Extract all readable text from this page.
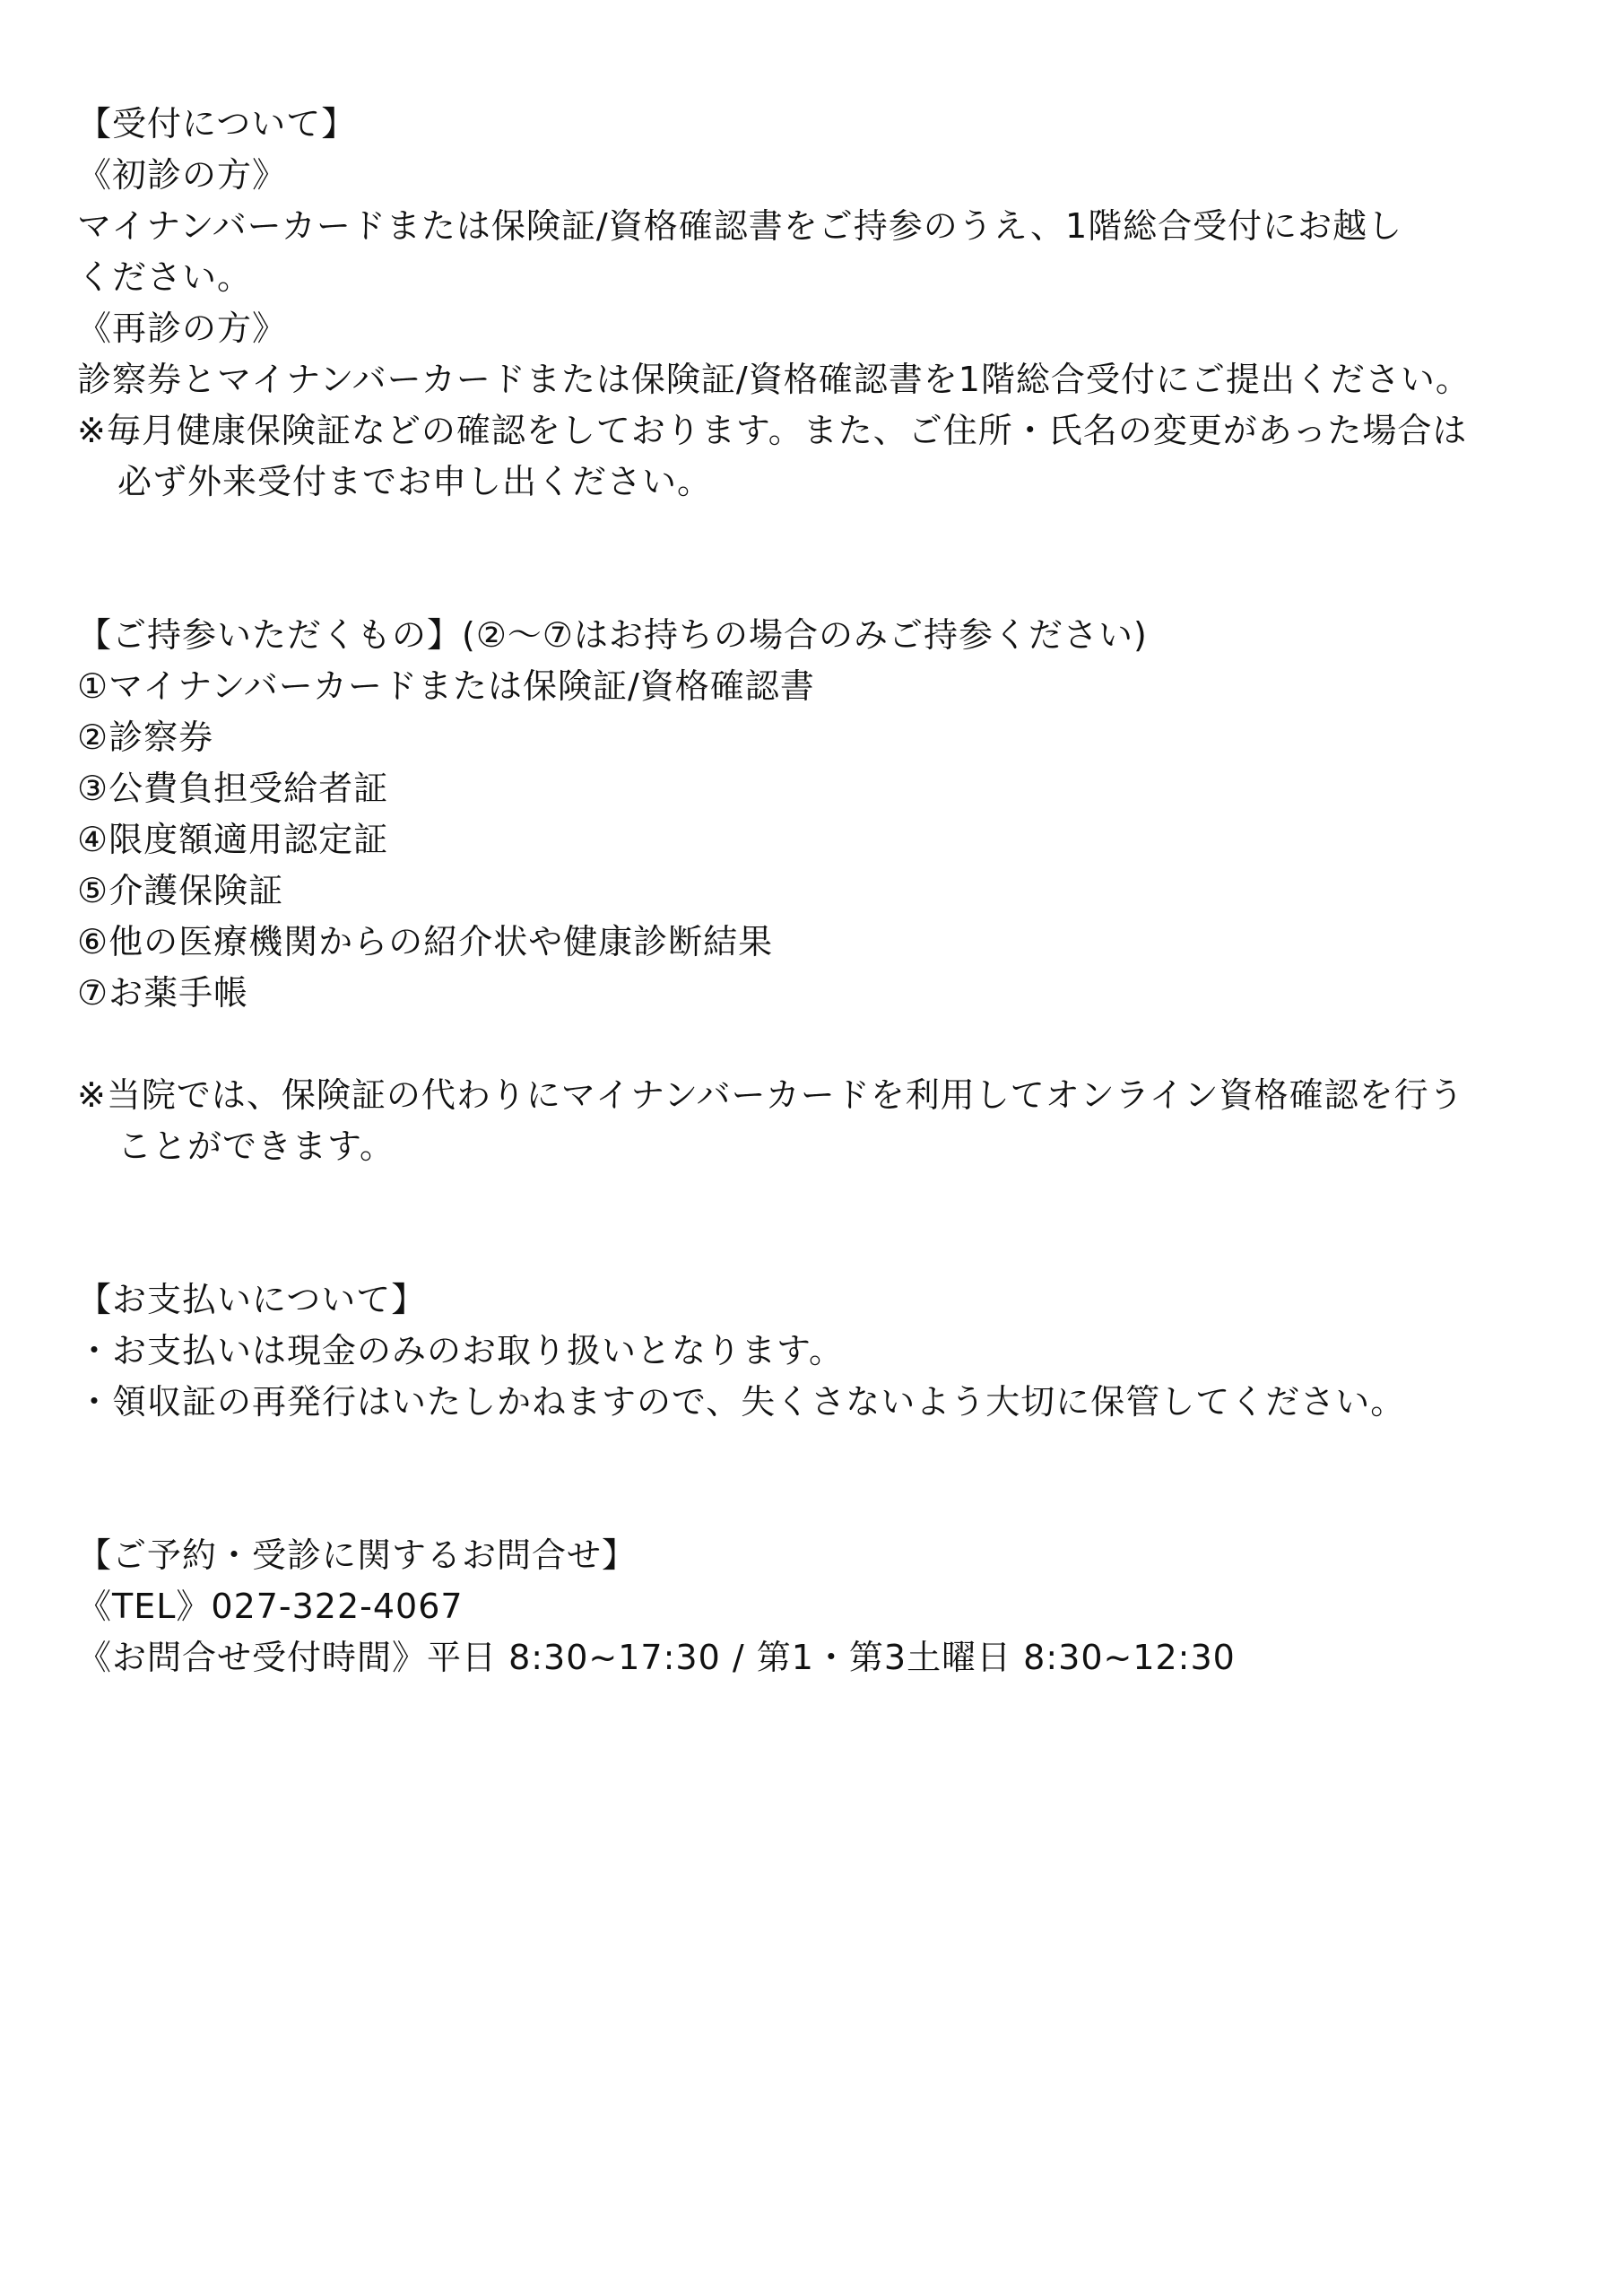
【受付について】
《初診の方》
マイナンバーカードまたは保険証/資格確認書をご持参のうえ、1階総合受付にお越し
ください。
《再診の方》
診察券とマイナンバーカードまたは保険証/資格確認書を1階総合受付にご提出ください。
※毎月健康保険証などの確認をしております。また、ご住所・氏名の変更があった場合は
必ず外来受付までお申し出ください。
【ご持参いただくもの】(②〜⑦はお持ちの場合のみご持参ください)
①マイナンバーカードまたは保険証/資格確認書
②診察券
③公費負担受給者証
④限度額適用認定証
⑤介護保険証
⑥他の医療機関からの紹介状や健康診断結果
⑦お薬手帳
※当院では、保険証の代わりにマイナンバーカードを利用してオンライン資格確認を行う
ことができます。
【お支払いについて】
・お支払いは現金のみのお取り扱いとなります。
・領収証の再発行はいたしかねますので、失くさないよう大切に保管してください。
【ご予約・受診に関するお問合せ】
《TEL》027-322-4067
《お問合せ受付時間》平日 8:30~17:30 / 第1・第3土曜日 8:30~12:30
